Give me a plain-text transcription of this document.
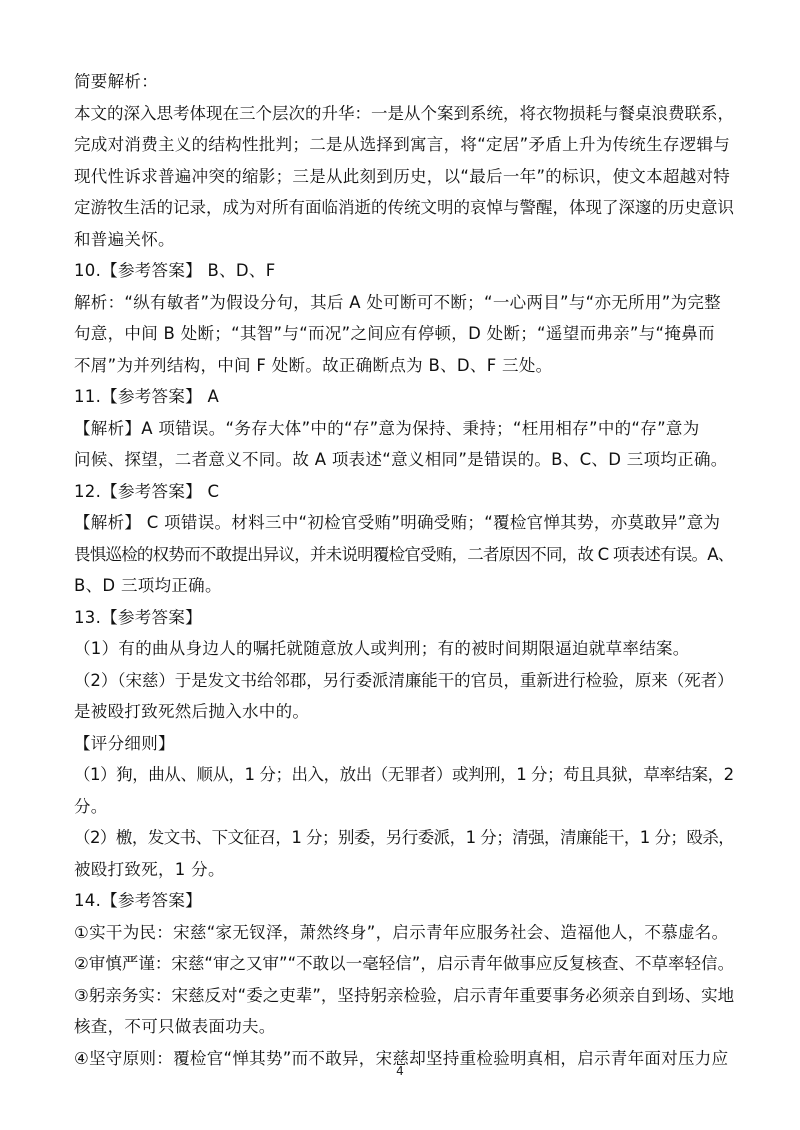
简要解析：
本文的深入思考体现在三个层次的升华：一是从个案到系统，将衣物损耗与餐桌浪费联系，
完成对消费主义的结构性批判；二是从选择到寓言，将“定居”矛盾上升为传统生存逻辑与
现代性诉求普遍冲突的缩影；三是从此刻到历史，以“最后一年”的标识，使文本超越对特
定游牧生活的记录，成为对所有面临消逝的传统文明的哀悼与警醒，体现了深邃的历史意识
和普遍关怀。
10.【参考答案】 B、D、F
解析：“纵有敏者”为假设分句，其后 A 处可断可不断；“一心两目”与“亦无所用”为完整
句意，中间 B 处断；“其智”与“而况”之间应有停顿，D 处断；“遥望而弗亲”与“掩鼻而
不屑”为并列结构，中间 F 处断。故正确断点为 B、D、F 三处。
11.【参考答案】 A
【解析】A 项错误。“务存大体”中的“存”意为保持、秉持；“枉用相存”中的“存”意为
问候、探望，二者意义不同。故 A 项表述“意义相同”是错误的。B、C、D 三项均正确。
12.【参考答案】 C
【解析】 C 项错误。材料三中“初检官受贿”明确受贿；“覆检官惮其势，亦莫敢异”意为
畏惧巡检的权势而不敢提出异议，并未说明覆检官受贿，二者原因不同，故 C 项表述有误。A、
B、D 三项均正确。
13.【参考答案】
（1）有的曲从身边人的嘱托就随意放人或判刑；有的被时间期限逼迫就草率结案。
（2）（宋慈）于是发文书给邻郡，另行委派清廉能干的官员，重新进行检验，原来（死者）
是被殴打致死然后抛入水中的。
【评分细则】
（1）狥，曲从、顺从，1 分；出入，放出（无罪者）或判刑，1 分；苟且具狱，草率结案，2
分。
（2）檄，发文书、下文征召，1 分；别委，另行委派，1 分；清强，清廉能干，1 分；殴杀，
被殴打致死，1 分。
14.【参考答案】
①实干为民：宋慈“家无钗泽，萧然终身”，启示青年应服务社会、造福他人，不慕虚名。
②审慎严谨：宋慈“审之又审”“不敢以一毫轻信”，启示青年做事应反复核查、不草率轻信。
③躬亲务实：宋慈反对“委之吏辈”，坚持躬亲检验，启示青年重要事务必须亲自到场、实地
核查，不可只做表面功夫。
④坚守原则：覆检官“惮其势”而不敢异，宋慈却坚持重检验明真相，启示青年面对压力应
4
